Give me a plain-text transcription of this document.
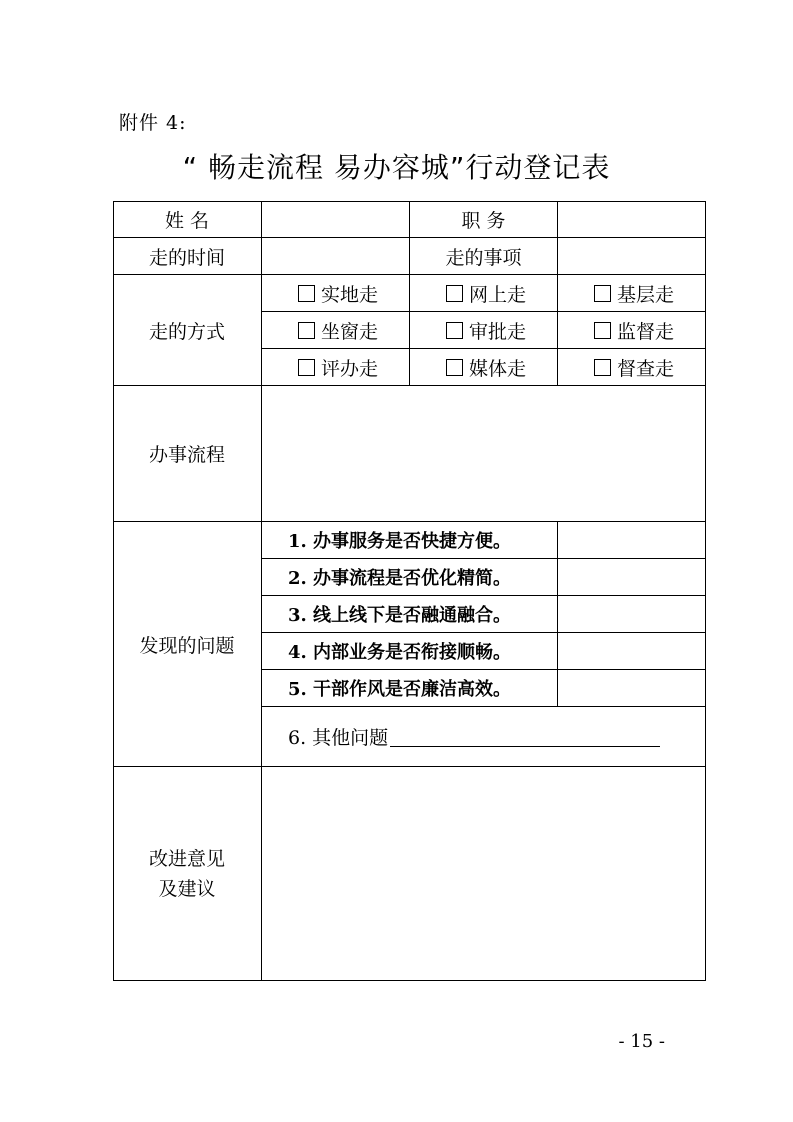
附件 4:
“ 畅走流程 易办容城”行动登记表
姓 名	职 务
走的时间	走的事项
走的方式
实地走	网上走	基层走
坐窗走	审批走	监督走
评办走	媒体走	督查走
办事流程
发现的问题
1. 办事服务是否快捷方便。
2. 办事流程是否优化精简。
3. 线上线下是否融通融合。
4. 内部业务是否衔接顺畅。
5. 干部作风是否廉洁高效。
6. 其他问题
改进意见
及建议
- 15 -
